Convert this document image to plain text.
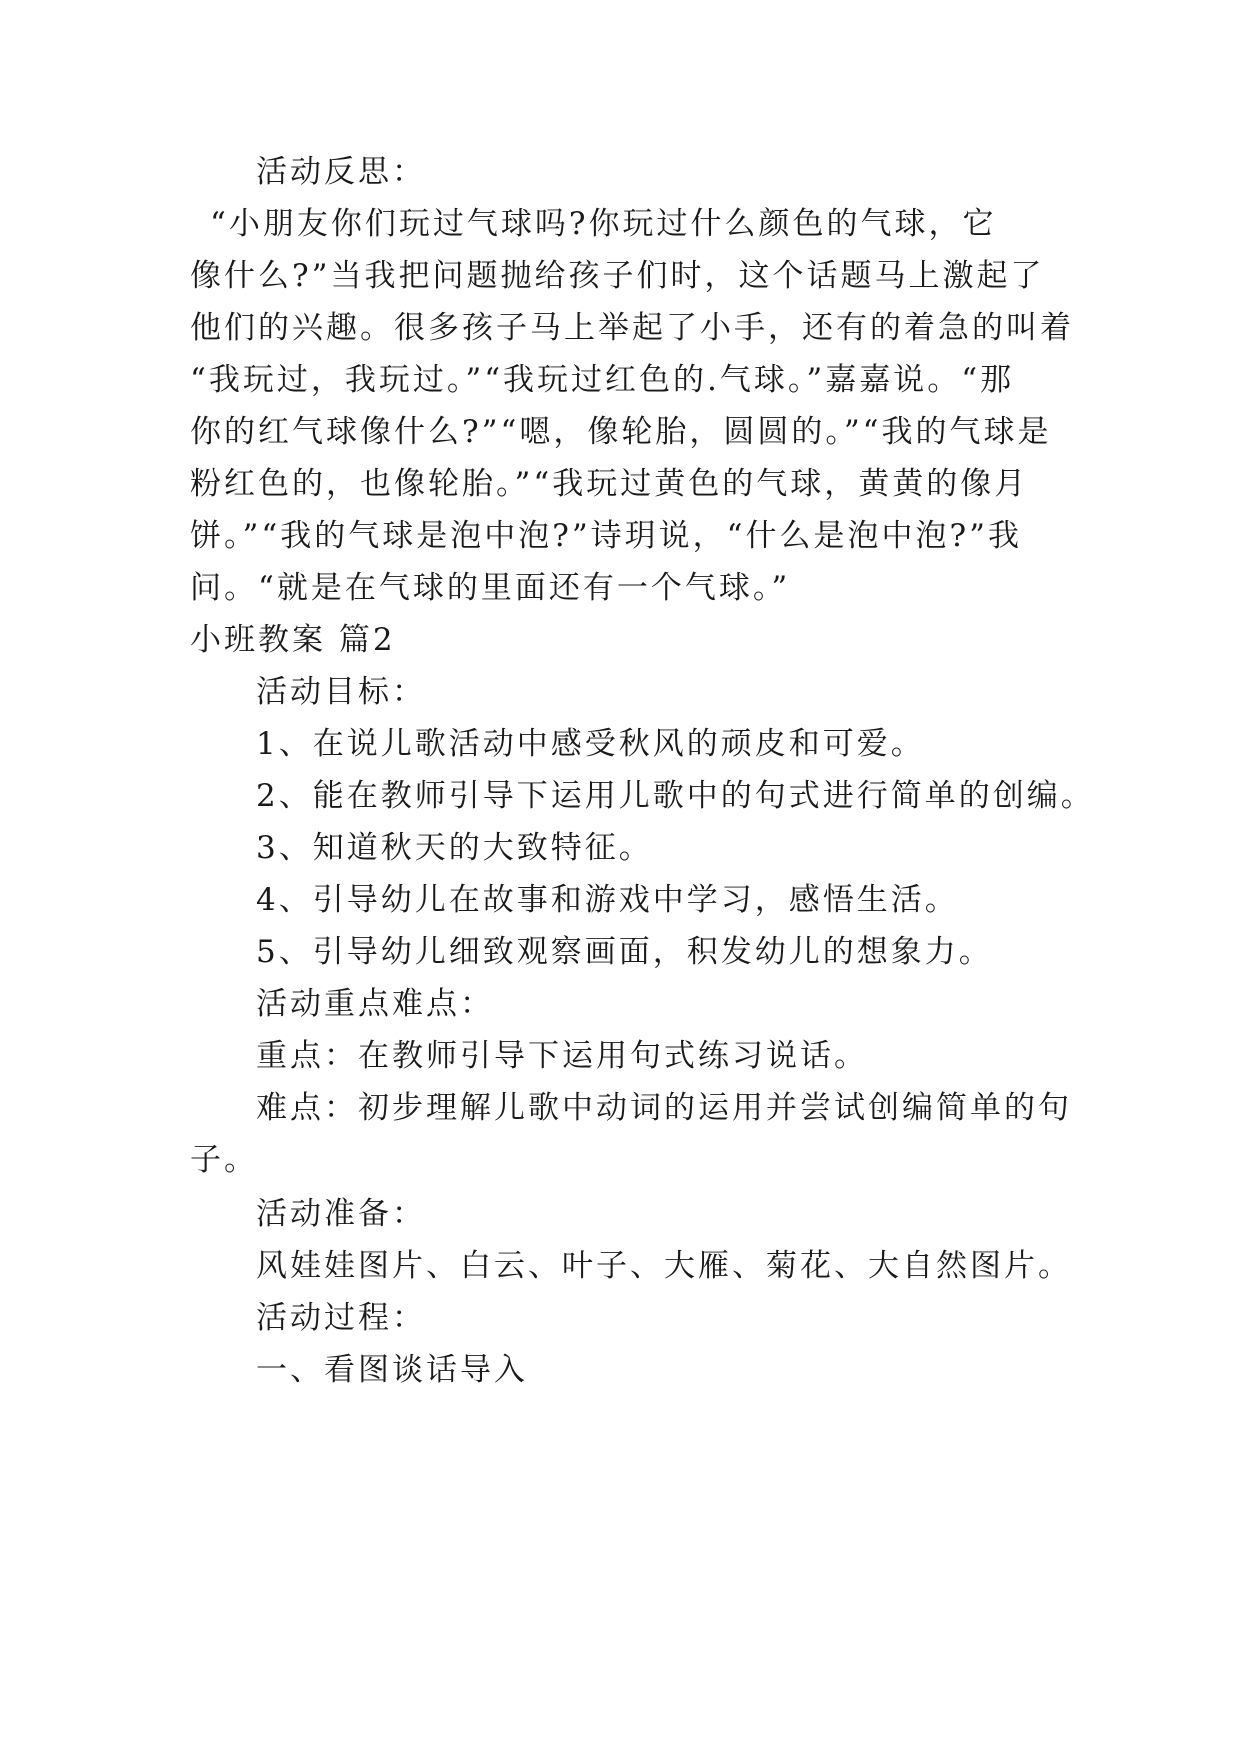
活动反思：

“小朋友你们玩过气球吗?你玩过什么颜色的气球，它

像什么?”当我把问题抛给孩子们时，这个话题马上激起了

他们的兴趣。很多孩子马上举起了小手，还有的着急的叫着

“我玩过，我玩过。”“我玩过红色的.气球。”嘉嘉说。“那

你的红气球像什么?”“嗯，像轮胎，圆圆的。”“我的气球是

粉红色的，也像轮胎。”“我玩过黄色的气球，黄黄的像月

饼。”“我的气球是泡中泡?”诗玥说，“什么是泡中泡?”我

问。“就是在气球的里面还有一个气球。”

小班教案 篇2

活动目标：

1、在说儿歌活动中感受秋风的顽皮和可爱。

2、能在教师引导下运用儿歌中的句式进行简单的创编。

3、知道秋天的大致特征。

4、引导幼儿在故事和游戏中学习，感悟生活。

5、引导幼儿细致观察画面，积发幼儿的想象力。

活动重点难点：

重点：在教师引导下运用句式练习说话。

难点：初步理解儿歌中动词的运用并尝试创编简单的句

子。

活动准备：

风娃娃图片、白云、叶子、大雁、菊花、大自然图片。

活动过程：

一、看图谈话导入
